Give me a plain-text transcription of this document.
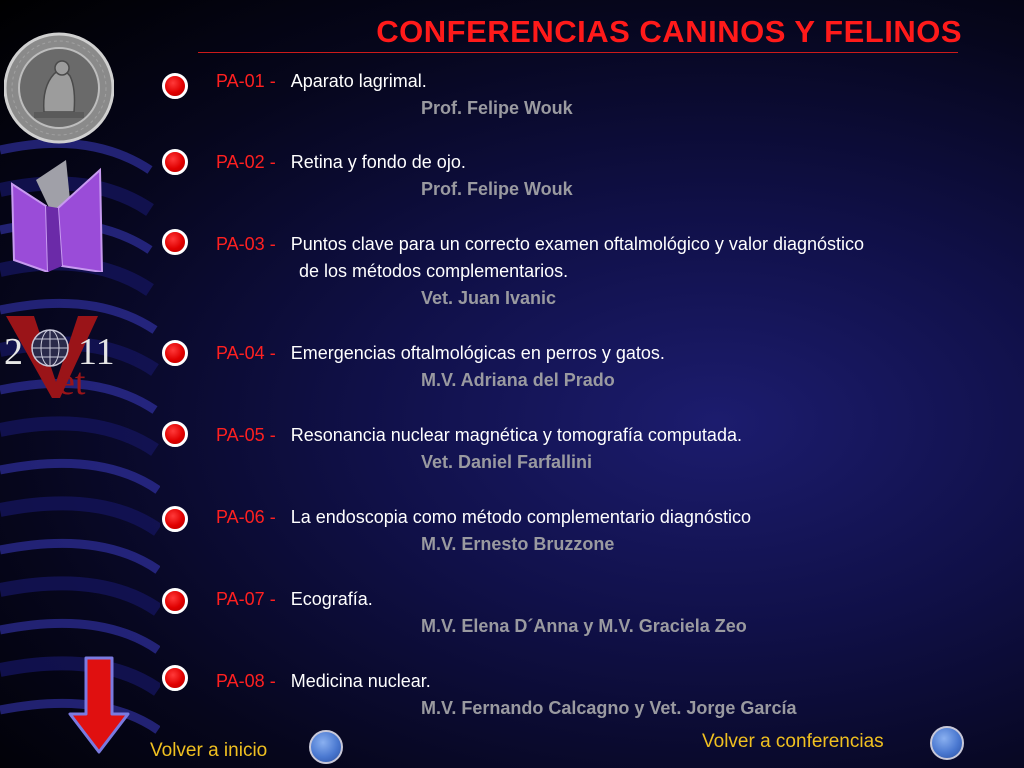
2 11
et
CONFERENCIAS CANINOS Y FELINOS
PA-01 - Aparato lagrimal.
Prof. Felipe Wouk
PA-02 - Retina y fondo de ojo.
Prof. Felipe Wouk
PA-03 - Puntos clave para un correcto examen oftalmológico y valor diagnóstico
de los métodos complementarios.
Vet. Juan Ivanic
PA-04 - Emergencias oftalmológicas en perros y gatos.
M.V. Adriana del Prado
PA-05 - Resonancia nuclear magnética y tomografía computada.
Vet. Daniel Farfallini
PA-06 - La endoscopia como método complementario diagnóstico
M.V. Ernesto Bruzzone
PA-07 - Ecografía.
M.V. Elena D´Anna y M.V. Graciela Zeo
PA-08 - Medicina nuclear.
M.V. Fernando Calcagno y Vet. Jorge García
Volver a inicio	Volver a conferencias
